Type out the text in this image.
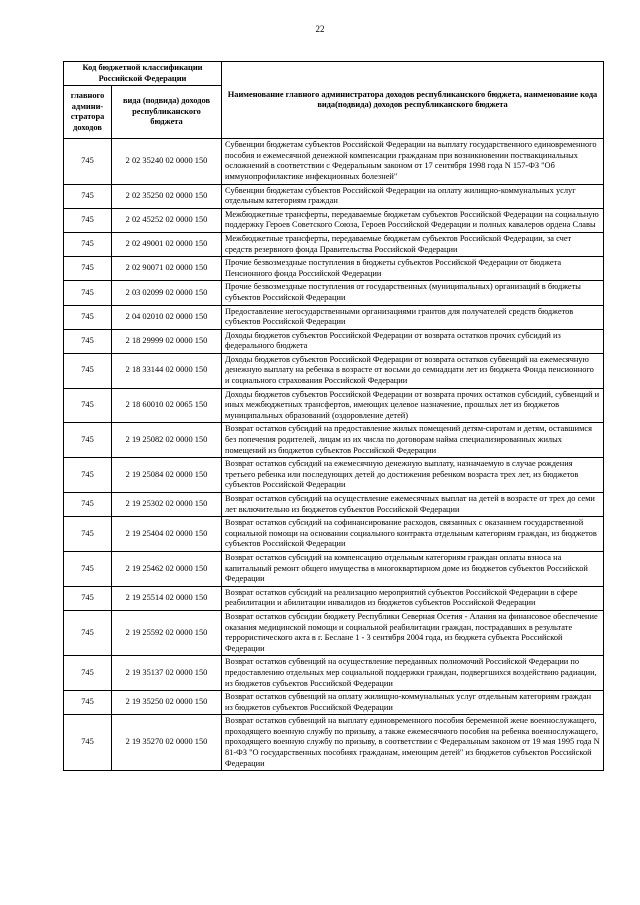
22
Код бюджетной классификации Российской Федерации		Наименование главного администратора доходов республиканского бюджета, наименование кода вида(подвида) доходов республиканского бюджета
главного админи-стратора доходов	вида (подвида) доходов республиканского бюджета	
745	2 02 35240 02 0000 150	Субвенции бюджетам субъектов Российской Федерации на выплату государственного единовременного пособия и ежемесячной денежной компенсации гражданам при возникновении поствакцинальных осложнений в соответствии с Федеральным законом от 17 сентября 1998 года N 157-ФЗ "Об иммунопрофилактике инфекционных болезней"
745	2 02 35250 02 0000 150	Субвенции бюджетам субъектов Российской Федерации на оплату жилищно-коммунальных услуг отдельным категориям граждан
745	2 02 45252 02 0000 150	Межбюджетные трансферты, передаваемые бюджетам субъектов Российской Федерации на социальную поддержку Героев Советского Союза, Героев Российской Федерации и полных кавалеров ордена Славы
745	2 02 49001 02 0000 150	Межбюджетные трансферты, передаваемые бюджетам субъектов Российской Федерации, за счет средств резервного фонда Правительства Российской Федерации
745	2 02 90071 02 0000 150	Прочие безвозмездные поступления в бюджеты субъектов Российской Федерации от бюджета Пенсионного фонда Российской Федерации
745	2 03 02099 02 0000 150	Прочие безвозмездные поступления от государственных (муниципальных) организаций в бюджеты субъектов Российской Федерации
745	2 04 02010 02 0000 150	Предоставление негосударственными организациями грантов для получателей средств бюджетов субъектов Российской Федерации
745	2 18 29999 02 0000 150	Доходы бюджетов субъектов Российской Федерации от возврата остатков прочих субсидий из федерального бюджета
745	2 18 33144 02 0000 150	Доходы бюджетов субъектов Российской Федерации от возврата остатков субвенций на ежемесячную денежную выплату на ребенка в возрасте от восьми до семнадцати лет из бюджета Фонда пенсионного и социального страхования Российской Федерации
745	2 18 60010 02 0065 150	Доходы бюджетов субъектов Российской Федерации от возврата прочих остатков субсидий, субвенций и иных межбюджетных трансфертов, имеющих целевое назначение, прошлых лет из бюджетов муниципальных образований (оздоровление детей)
745	2 19 25082 02 0000 150	Возврат остатков субсидий на предоставление жилых помещений детям-сиротам и детям, оставшимся без попечения родителей, лицам из их числа по договорам найма специализированных жилых помещений из бюджетов субъектов Российской Федерации
745	2 19 25084 02 0000 150	Возврат остатков субсидий на ежемесячную денежную выплату, назначаемую в случае рождения третьего ребенка или последующих детей до достижения ребенком возраста трех лет, из бюджетов субъектов Российской Федерации
745	2 19 25302 02 0000 150	Возврат остатков субсидий на осуществление ежемесячных выплат на детей в возрасте от трех до семи лет включительно из бюджетов субъектов Российской Федерации
745	2 19 25404 02 0000 150	Возврат остатков субсидий на софинансирование расходов, связанных с оказанием государственной социальной помощи на основании социального контракта отдельным категориям граждан, из бюджетов субъектов Российской Федерации
745	2 19 25462 02 0000 150	Возврат остатков субсидий на компенсацию отдельным категориям граждан оплаты взноса на капитальный ремонт общего имущества в многоквартирном доме из бюджетов субъектов Российской Федерации
745	2 19 25514 02 0000 150	Возврат остатков субсидий на реализацию мероприятий субъектов Российской Федерации в сфере реабилитации и абилитации инвалидов из бюджетов субъектов Российской Федерации
745	2 19 25592 02 0000 150	Возврат остатков субсидии бюджету Республики Северная Осетия - Алания на финансовое обеспечение оказания медицинской помощи и социальной реабилитации граждан, пострадавших в результате террористического акта в г. Беслане 1 - 3 сентября 2004 года, из бюджета субъекта Российской Федерации
745	2 19 35137 02 0000 150	Возврат остатков субвенций на осуществление переданных полномочий Российской Федерации по предоставлению отдельных мер социальной поддержки граждан, подвергшихся воздействию радиации, из бюджетов субъектов Российской Федерации
745	2 19 35250 02 0000 150	Возврат остатков субвенций на оплату жилищно-коммунальных услуг отдельным категориям граждан из бюджетов субъектов Российской Федерации
745	2 19 35270 02 0000 150	Возврат остатков субвенций на выплату единовременного пособия беременной жене военнослужащего, проходящего военную службу по призыву, а также ежемесячного пособия на ребенка военнослужащего, проходящего военную службу по призыву, в соответствии с Федеральным законом от 19 мая 1995 года N 81-ФЗ "О государственных пособиях гражданам, имеющим детей" из бюджетов субъектов Российской Федерации
